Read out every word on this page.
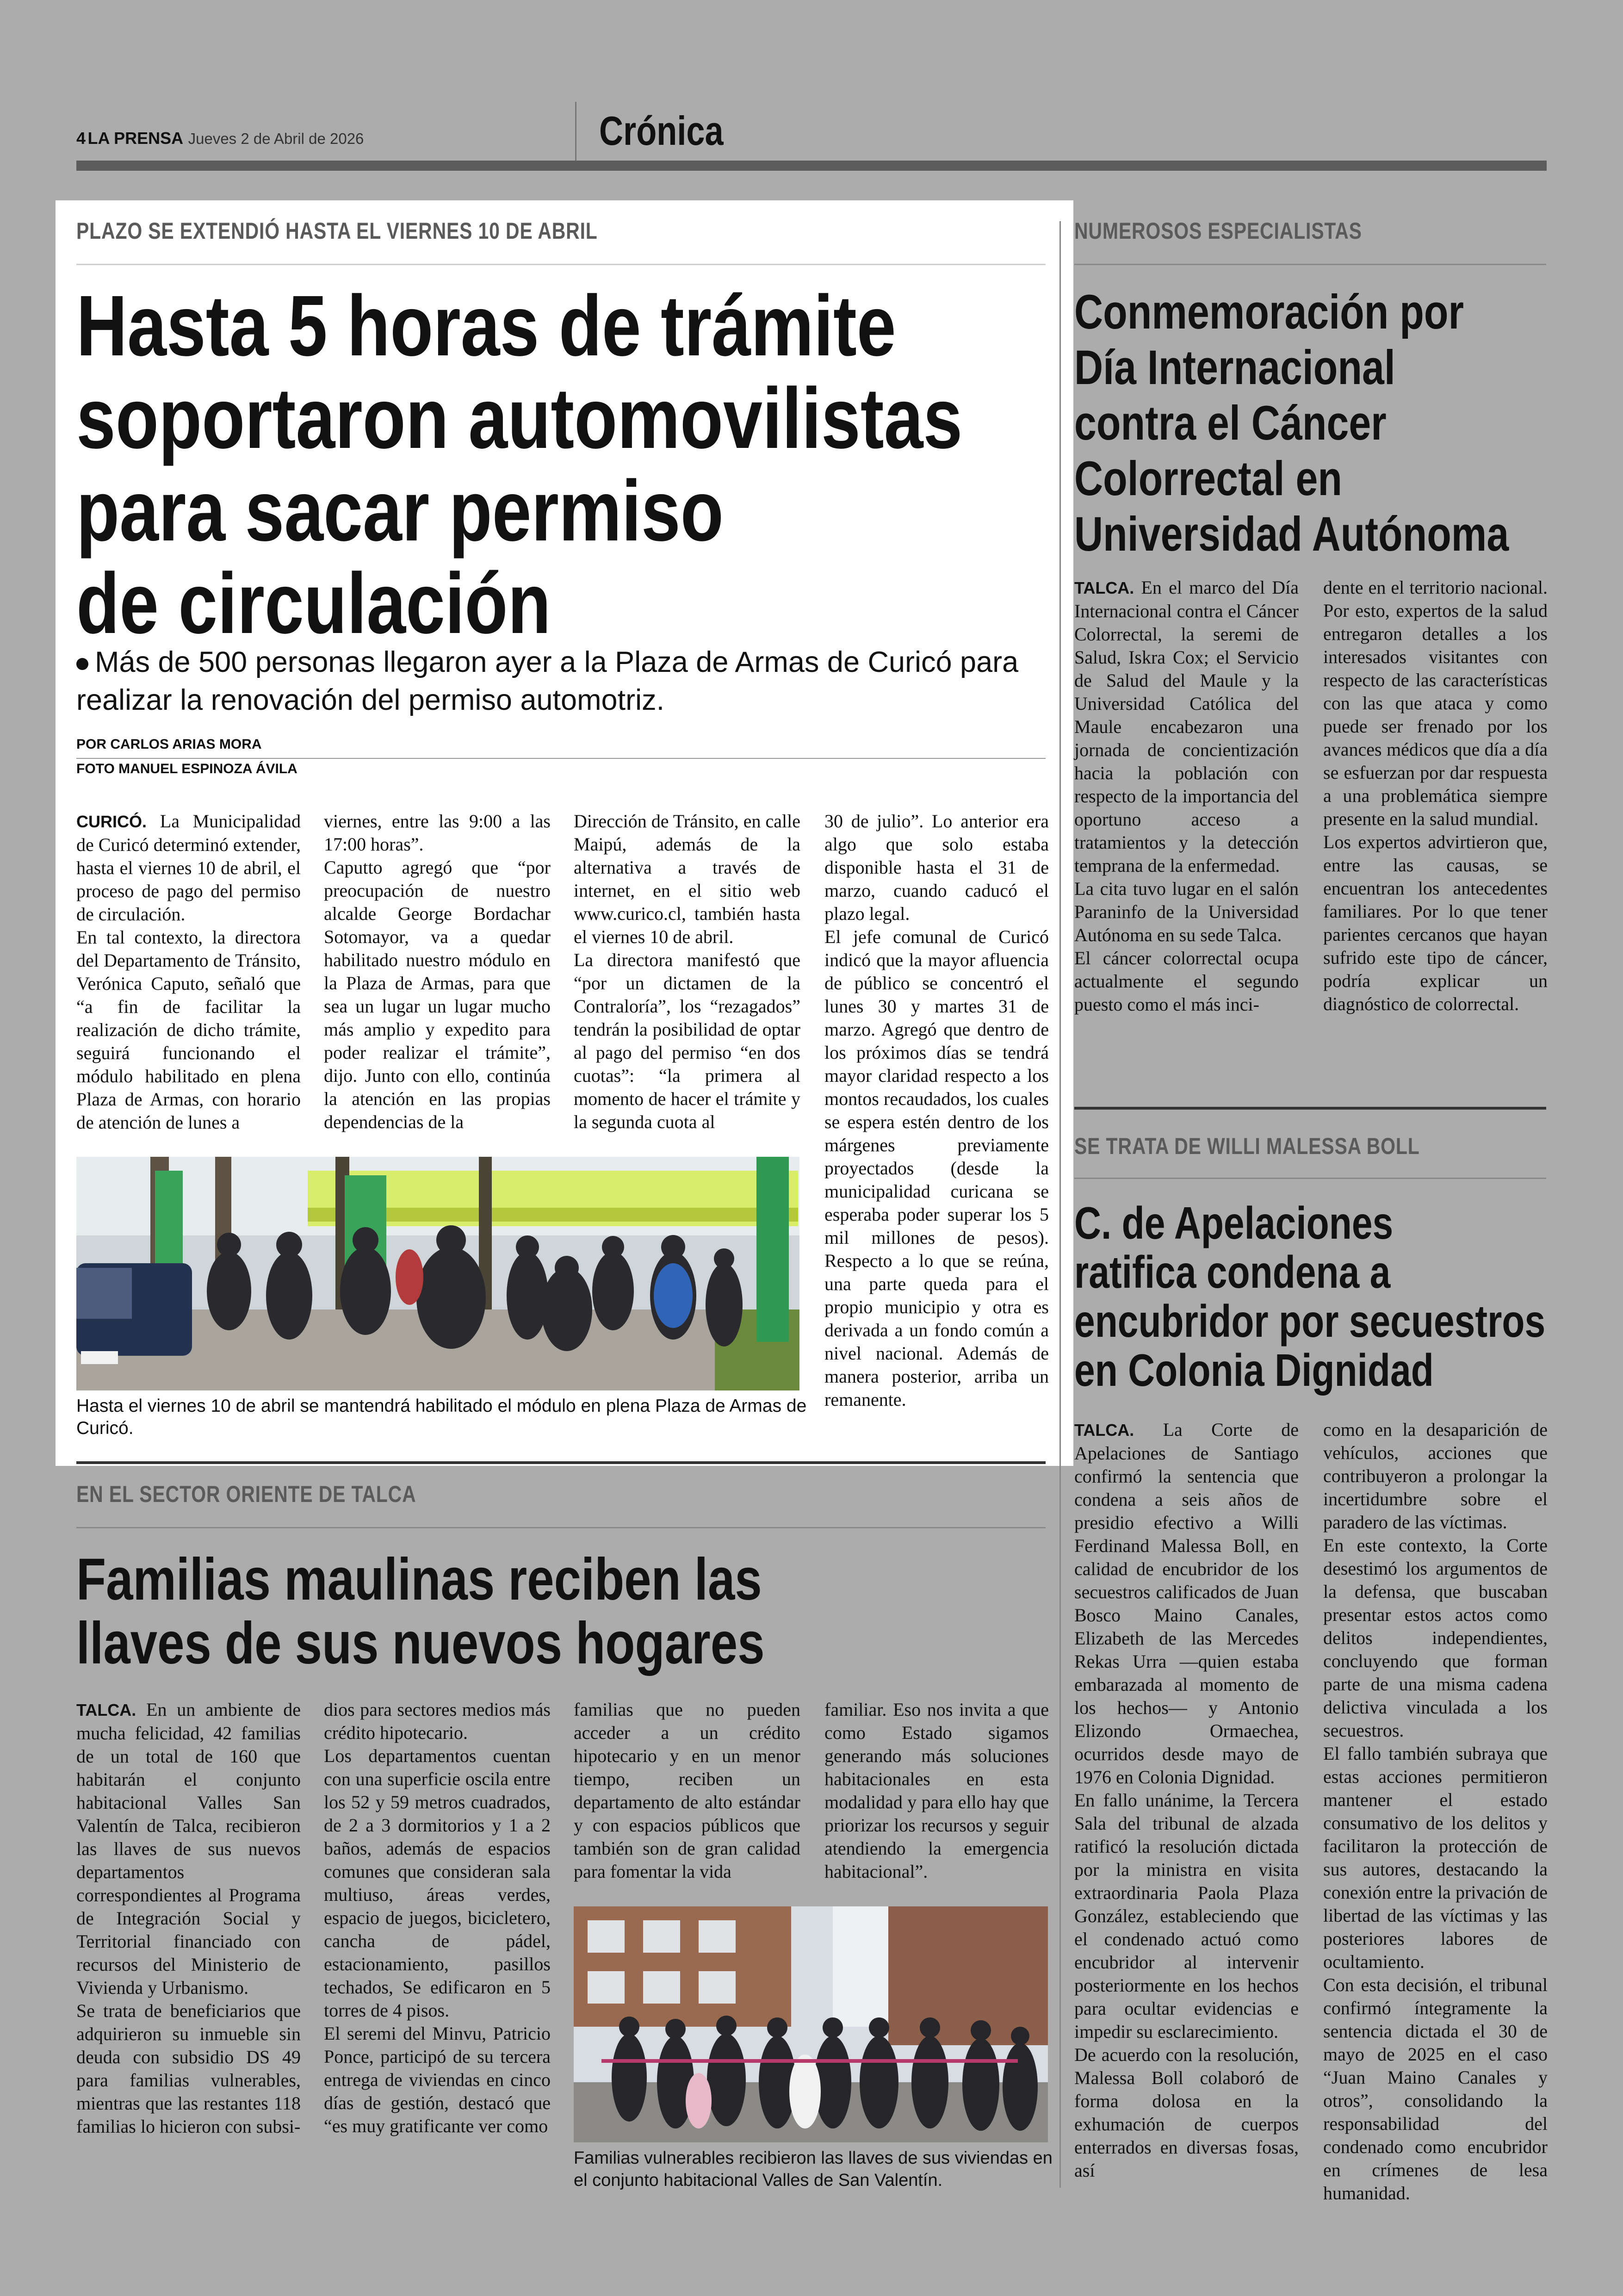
4 LA PRENSA Jueves 2 de Abril de 2026	Crónica
PLAZO SE EXTENDIÓ HASTA EL VIERNES 10 DE ABRIL
Hasta 5 horas de trámite
soportaron automovilistas
para sacar permiso
de circulación
Más de 500 personas llegaron ayer a la Plaza de Armas de Curicó para realizar la renovación del permiso automotriz.
POR CARLOS ARIAS MORA
FOTO MANUEL ESPINOZA ÁVILA

CURICÓ. La Municipalidad de Curicó determinó extender, hasta el viernes 10 de abril, el proceso de pago del permiso de circulación.

En tal contexto, la directora del Departamento de Tránsito, Verónica Caputo, señaló que “a fin de facilitar la realización de dicho trámite, seguirá funcionando el módulo habilitado en plena Plaza de Armas, con horario de atención de lunes a

viernes, entre las 9:00 a las 17:00 horas”.

Caputto agregó que “por preocupación de nuestro alcalde George Bordachar Sotomayor, va a quedar habilitado nuestro módulo en la Plaza de Armas, para que sea un lugar un lugar mucho más amplio y expedito para poder realizar el trámite”, dijo. Junto con ello, continúa la atención en las propias dependencias de la

Dirección de Tránsito, en calle Maipú, además de la alternativa a través de internet, en el sitio web www.curico.cl, también hasta el viernes 10 de abril.

La directora manifestó que “por un dictamen de la Contraloría”, los “rezagados” tendrán la posibilidad de optar al pago del permiso “en dos cuotas”: “la primera al momento de hacer el trámite y la segunda cuota al

30 de julio”. Lo anterior era algo que solo estaba disponible hasta el 31 de marzo, cuando caducó el plazo legal.

El jefe comunal de Curicó indicó que la mayor afluencia de público se concentró el lunes 30 y martes 31 de marzo. Agregó que dentro de los próximos días se tendrá mayor claridad respecto a los montos recaudados, los cuales se espera estén dentro de los márgenes previamente proyectados (desde la municipalidad curicana se esperaba poder superar los 5 mil millones de pesos). Respecto a lo que se reúna, una parte queda para el propio municipio y otra es derivada a un fondo común a nivel nacional. Además de manera posterior, arriba un remanente.

Hasta el viernes 10 de abril se mantendrá habilitado el módulo en plena Plaza de Armas de Curicó.
NUMEROSOS ESPECIALISTAS
Conmemoración por
Día Internacional
contra el Cáncer
Colorrectal en
Universidad Autónoma

TALCA. En el marco del Día Internacional contra el Cáncer Colorrectal, la seremi de Salud, Iskra Cox; el Servicio de Salud del Maule y la Universidad Católica del Maule encabezaron una jornada de concientización hacia la población con respecto de la importancia del oportuno acceso a tratamientos y la detección temprana de la enfermedad.

La cita tuvo lugar en el salón Paraninfo de la Universidad Autónoma en su sede Talca.

El cáncer colorrectal ocupa actualmente el segundo puesto como el más inci-

dente en el territorio nacional. Por esto, expertos de la salud entregaron detalles a los interesados visitantes con respecto de las características con las que ataca y como puede ser frenado por los avances médicos que día a día se esfuerzan por dar respuesta a una problemática siempre presente en la salud mundial.

Los expertos advirtieron que, entre las causas, se encuentran los antecedentes familiares. Por lo que tener parientes cercanos que hayan sufrido este tipo de cáncer, podría explicar un diagnóstico de colorrectal.

SE TRATA DE WILLI MALESSA BOLL
C. de Apelaciones
ratifica condena a
encubridor por secuestros
en Colonia Dignidad

TALCA. La Corte de Apelaciones de Santiago confirmó la sentencia que condena a seis años de presidio efectivo a Willi Ferdinand Malessa Boll, en calidad de encubridor de los secuestros calificados de Juan Bosco Maino Canales, Elizabeth de las Mercedes Rekas Urra —quien estaba embarazada al momento de los hechos— y Antonio Elizondo Ormaechea, ocurridos desde mayo de 1976 en Colonia Dignidad.

En fallo unánime, la Tercera Sala del tribunal de alzada ratificó la resolución dictada por la ministra en visita extraordinaria Paola Plaza González, estableciendo que el condenado actuó como encubridor al intervenir posteriormente en los hechos para ocultar evidencias e impedir su esclarecimiento.

De acuerdo con la resolución, Malessa Boll colaboró de forma dolosa en la exhumación de cuerpos enterrados en diversas fosas, así

como en la desaparición de vehículos, acciones que contribuyeron a prolongar la incertidumbre sobre el paradero de las víctimas.

En este contexto, la Corte desestimó los argumentos de la defensa, que buscaban presentar estos actos como delitos independientes, concluyendo que forman parte de una misma cadena delictiva vinculada a los secuestros.

El fallo también subraya que estas acciones permitieron mantener el estado consumativo de los delitos y facilitaron la protección de sus autores, destacando la conexión entre la privación de libertad de las víctimas y las posteriores labores de ocultamiento.

Con esta decisión, el tribunal confirmó íntegramente la sentencia dictada el 30 de mayo de 2025 en el caso “Juan Maino Canales y otros”, consolidando la responsabilidad del condenado como encubridor en crímenes de lesa humanidad.

EN EL SECTOR ORIENTE DE TALCA
Familias maulinas reciben las
llaves de sus nuevos hogares

TALCA. En un ambiente de mucha felicidad, 42 familias de un total de 160 que habitarán el conjunto habitacional Valles San Valentín de Talca, recibieron las llaves de sus nuevos departamentos correspondientes al Programa de Integración Social y Territorial financiado con recursos del Ministerio de Vivienda y Urbanismo.

Se trata de beneficiarios que adquirieron su inmueble sin deuda con subsidio DS 49 para familias vulnerables, mientras que las restantes 118 familias lo hicieron con subsi-

dios para sectores medios más crédito hipotecario.

Los departamentos cuentan con una superficie oscila entre los 52 y 59 metros cuadrados, de 2 a 3 dormitorios y 1 a 2 baños, además de espacios comunes que consideran sala multiuso, áreas verdes, espacio de juegos, bicicletero, cancha de pádel, estacionamiento, pasillos techados, Se edificaron en 5 torres de 4 pisos.

El seremi del Minvu, Patricio Ponce, participó de su tercera entrega de viviendas en cinco días de gestión, destacó que “es muy gratificante ver como

familias que no pueden acceder a un crédito hipotecario y en un menor tiempo, reciben un departamento de alto estándar y con espacios públicos que también son de gran calidad para fomentar la vida

familiar. Eso nos invita a que como Estado sigamos generando más soluciones habitacionales en esta modalidad y para ello hay que priorizar los recursos y seguir atendiendo la emergencia habitacional”.

Familias vulnerables recibieron las llaves de sus viviendas en el conjunto habitacional Valles de San Valentín.
